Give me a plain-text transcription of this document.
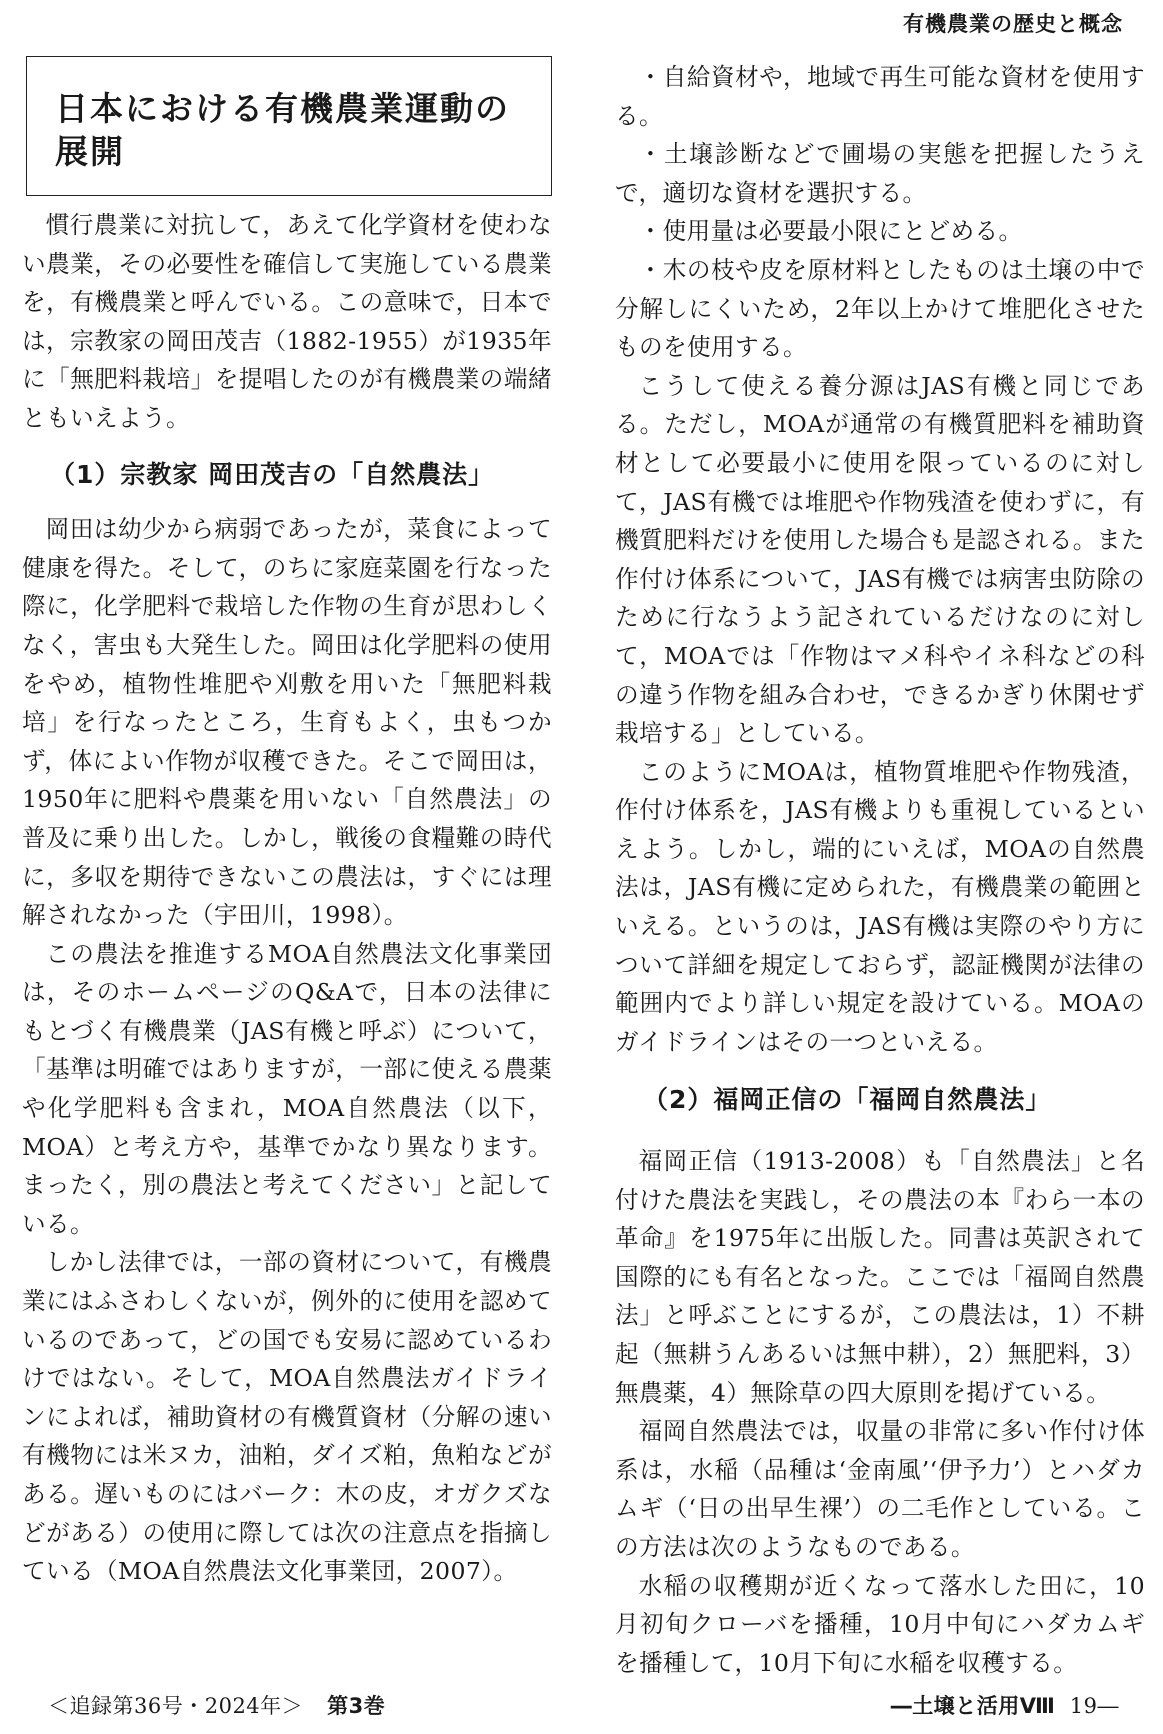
有機農業の歴史と概念
日本における有機農業運動の展開

慣行農業に対抗して，あえて化学資材を使わない農業，その必要性を確信して実施している農業を，有機農業と呼んでいる。この意味で，日本では，宗教家の岡田茂吉（1882-1955）が1935年に「無肥料栽培」を提唱したのが有機農業の端緒ともいえよう。

（1）宗教家 岡田茂吉の「自然農法」

岡田は幼少から病弱であったが，菜食によって健康を得た。そして，のちに家庭菜園を行なった際に，化学肥料で栽培した作物の生育が思わしくなく，害虫も大発生した。岡田は化学肥料の使用をやめ，植物性堆肥や刈敷を用いた「無肥料栽培」を行なったところ，生育もよく，虫もつかず，体によい作物が収穫できた。そこで岡田は，1950年に肥料や農薬を用いない「自然農法」の普及に乗り出した。しかし，戦後の食糧難の時代に，多収を期待できないこの農法は，すぐには理解されなかった（宇田川，1998）。

この農法を推進するMOA自然農法文化事業団は，そのホームページのQ&Aで，日本の法律にもとづく有機農業（JAS有機と呼ぶ）について，「基準は明確ではありますが，一部に使える農薬や化学肥料も含まれ，MOA自然農法（以下，MOA）と考え方や，基準でかなり異なります。まったく，別の農法と考えてください」と記している。

しかし法律では，一部の資材について，有機農業にはふさわしくないが，例外的に使用を認めているのであって，どの国でも安易に認めているわけではない。そして，MOA自然農法ガイドラインによれば，補助資材の有機質資材（分解の速い有機物には米ヌカ，油粕，ダイズ粕，魚粕などがある。遅いものにはバーク：木の皮，オガクズなどがある）の使用に際しては次の注意点を指摘している（MOA自然農法文化事業団，2007）。

・自給資材や，地域で再生可能な資材を使用する。

・土壌診断などで圃場の実態を把握したうえで，適切な資材を選択する。

・使用量は必要最小限にとどめる。

・木の枝や皮を原材料としたものは土壌の中で分解しにくいため，2年以上かけて堆肥化させたものを使用する。

こうして使える養分源はJAS有機と同じである。ただし，MOAが通常の有機質肥料を補助資材として必要最小に使用を限っているのに対して，JAS有機では堆肥や作物残渣を使わずに，有機質肥料だけを使用した場合も是認される。また作付け体系について，JAS有機では病害虫防除のために行なうよう記されているだけなのに対して，MOAでは「作物はマメ科やイネ科などの科の違う作物を組み合わせ，できるかぎり休閑せず栽培する」としている。

このようにMOAは，植物質堆肥や作物残渣，作付け体系を，JAS有機よりも重視しているといえよう。しかし，端的にいえば，MOAの自然農法は，JAS有機に定められた，有機農業の範囲といえる。というのは，JAS有機は実際のやり方について詳細を規定しておらず，認証機関が法律の範囲内でより詳しい規定を設けている。MOAのガイドラインはその一つといえる。

（2）福岡正信の「福岡自然農法」

福岡正信（1913-2008）も「自然農法」と名付けた農法を実践し，その農法の本『わら一本の革命』を1975年に出版した。同書は英訳されて国際的にも有名となった。ここでは「福岡自然農法」と呼ぶことにするが，この農法は，1）不耕起（無耕うんあるいは無中耕），2）無肥料，3）無農薬，4）無除草の四大原則を掲げている。

福岡自然農法では，収量の非常に多い作付け体系は，水稲（品種は‘金南風’‘伊予力’）とハダカムギ（‘日の出早生裸’）の二毛作としている。この方法は次のようなものである。

水稲の収穫期が近くなって落水した田に，10月初旬クローバを播種，10月中旬にハダカムギを播種して，10月下旬に水稲を収穫する。

＜追録第36号・2024年＞ 第3巻	―土壌と活用Ⅷ 19―
